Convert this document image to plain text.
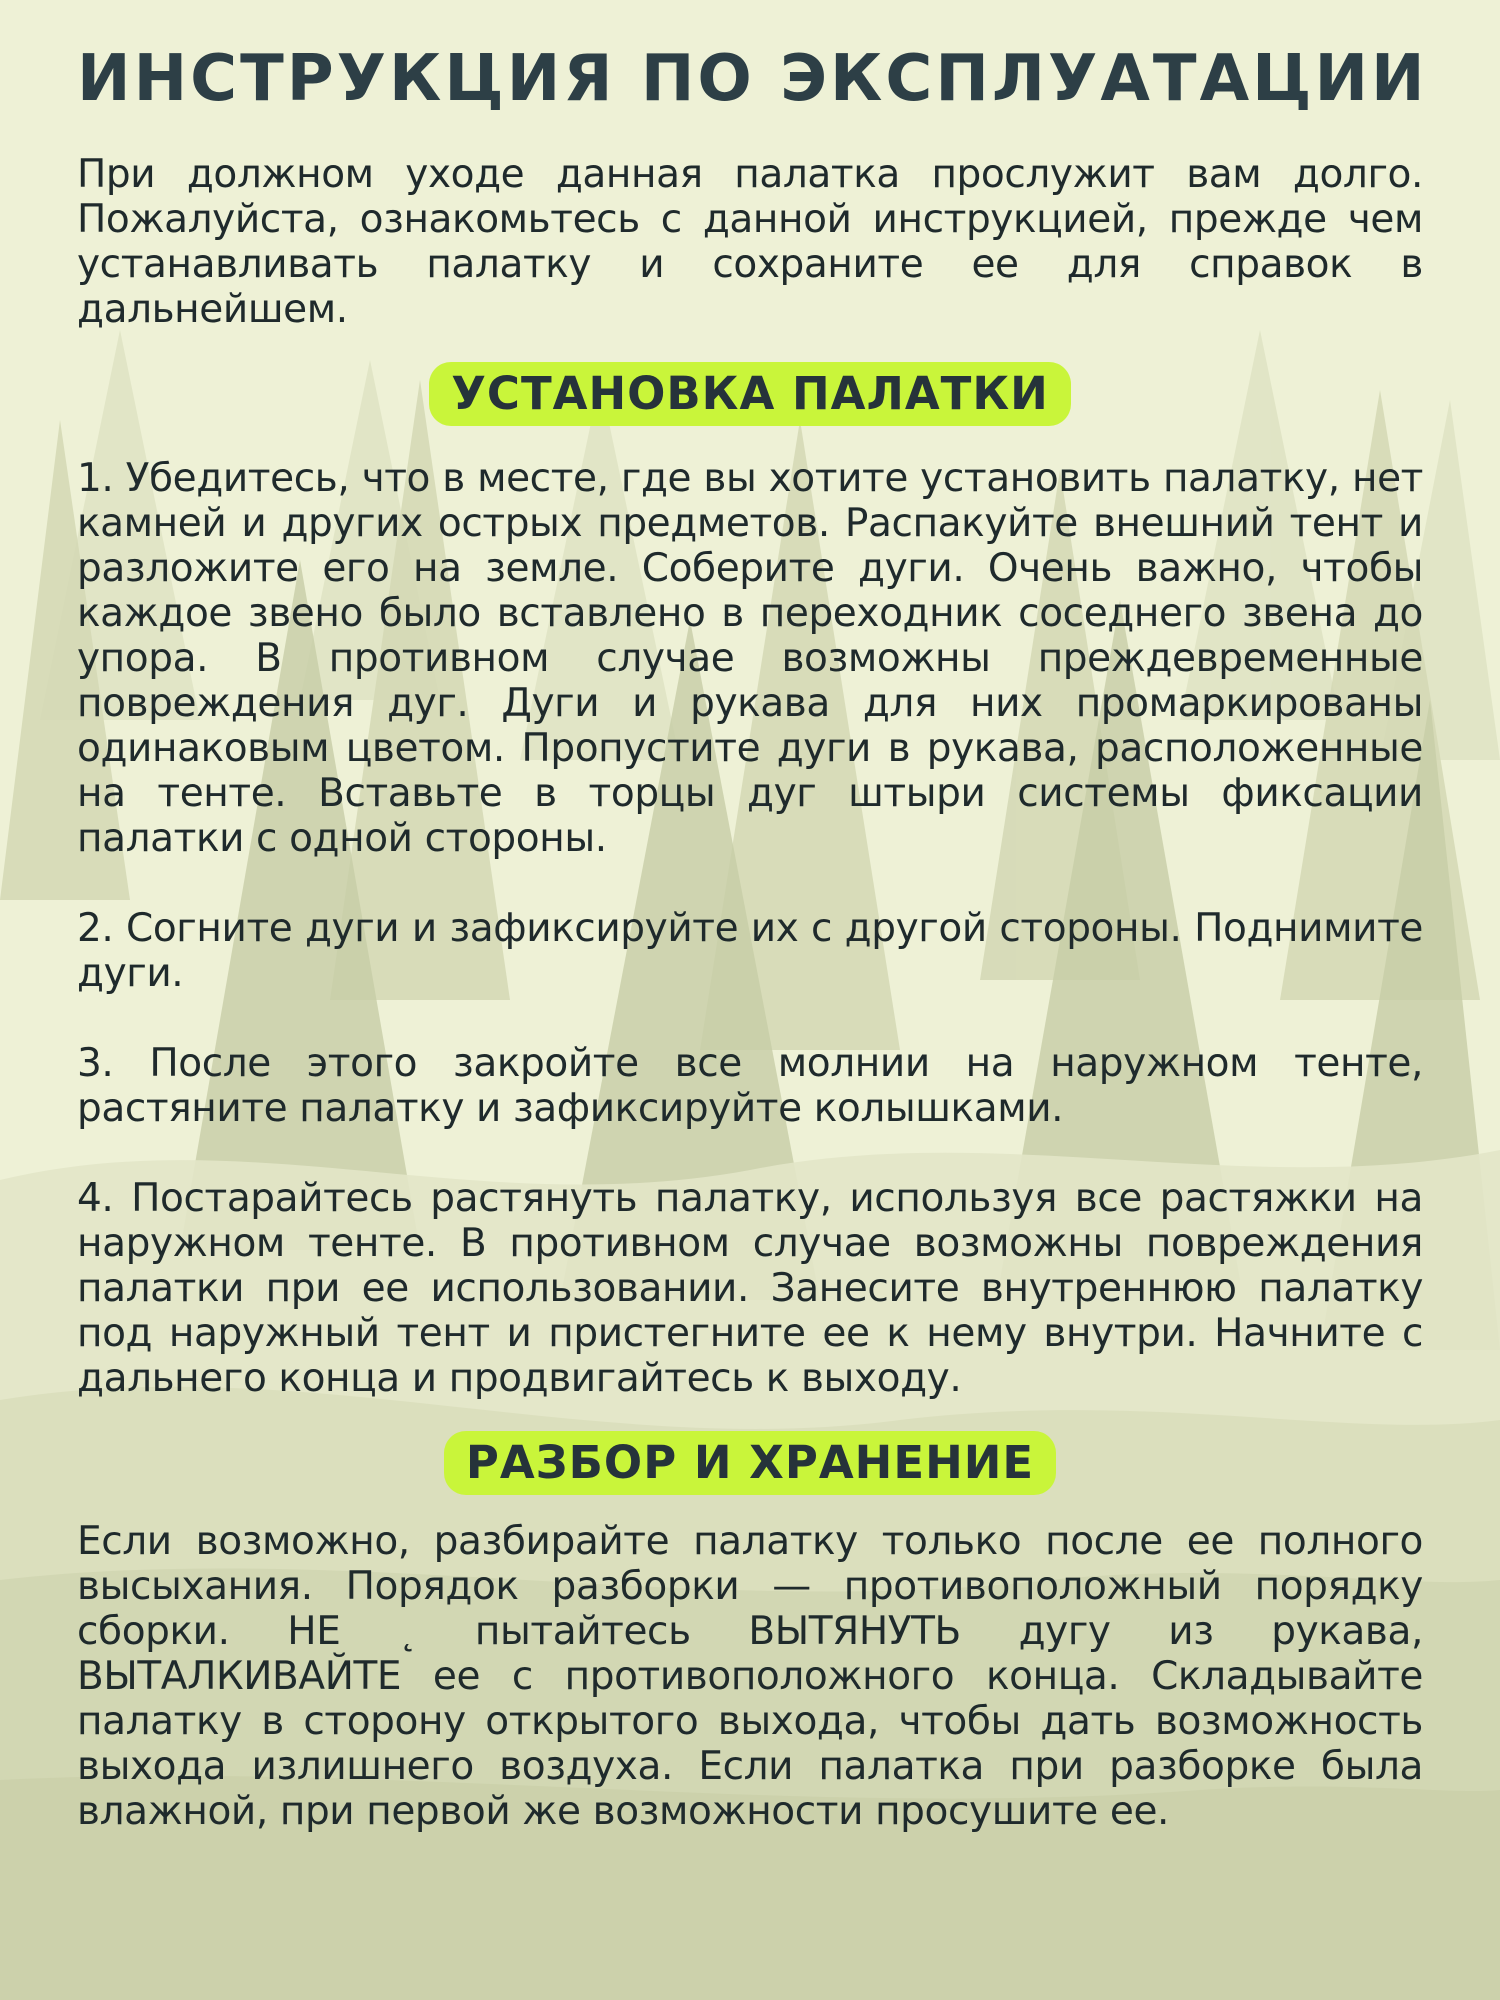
ИНСТРУКЦИЯ ПО ЭКСПЛУАТАЦИИ

При должном уходе данная палатка прослужит вам долго. Пожалуйста, ознакомьтесь с данной инструкцией, прежде чем устанавливать палатку и сохраните ее для справок в дальнейшем.

УСТАНОВКА ПАЛАТКИ

1. Убедитесь, что в месте, где вы хотите установить палатку, нет камней и других острых предметов. Распакуйте внешний тент и разложите его на земле. Соберите дуги. Очень важно, чтобы каждое звено было вставлено в переходник соседнего звена до упора. В противном случае возможны преждевременные повреждения дуг. Дуги и рукава для них промаркированы одинаковым цветом. Пропустите дуги в рукава, расположенные на тенте. Вставьте в торцы дуг штыри системы фиксации палатки с одной стороны.

2. Согните дуги и зафиксируйте их с другой стороны. Поднимите дуги.

3. После этого закройте все молнии на наружном тенте, растяните палатку и зафиксируйте колышками.

4. Постарайтесь растянуть палатку, используя все растяжки на наружном тенте. В противном случае возможны повреждения палатки при ее использовании. Занесите внутреннюю палатку под наружный тент и пристегните ее к нему внутри. Начните с дальнего конца и продвигайтесь к выходу.

РАЗБОР И ХРАНЕНИЕ

Если возможно, разбирайте палатку только после ее полного высыхания. Порядок разборки — противоположный порядку сборки. НЕ ˛ пытайтесь ВЫТЯНУТЬ дугу из рукава, ВЫТАЛКИВАЙТЕ ее с противоположного конца. Складывайте палатку в сторону открытого выхода, чтобы дать возможность выхода излишнего воздуха. Если палатка при разборке была влажной, при первой же возможности просушите ее.
